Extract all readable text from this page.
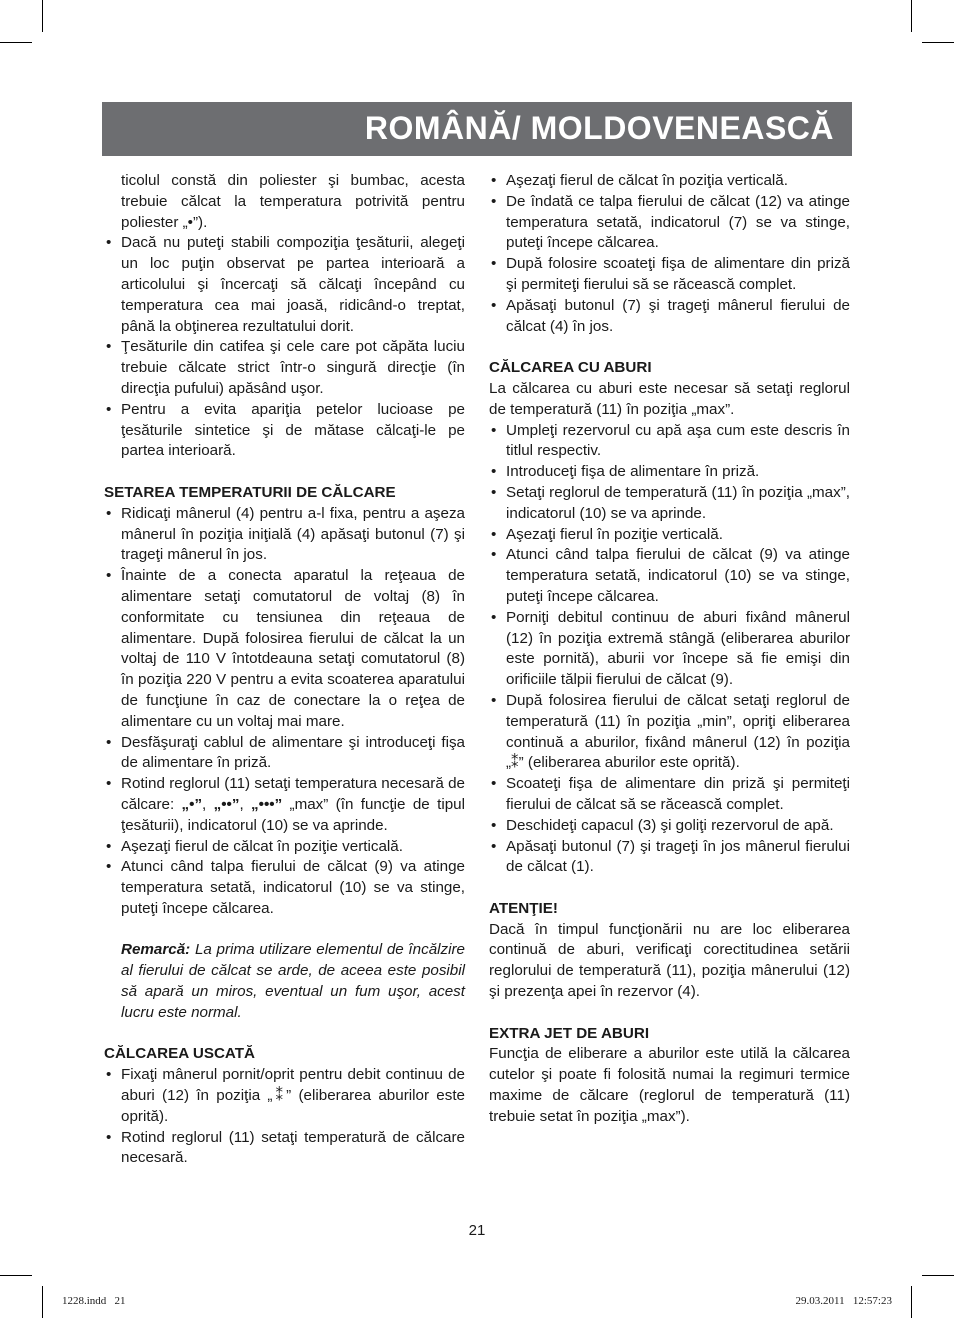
ROMÂNĂ/ MOLDOVENEASCĂ

ticolul constă din poliester şi bumbac, acesta trebuie călcat la temperatura potrivită pentru poliester „•”).

• Dacă nu puteţi stabili compoziţia ţesăturii, alegeţi un loc puţin observat pe partea interioară a articolului şi încercaţi să călcaţi începând cu temperatura cea mai joasă, ridicând-o treptat, până la obţinerea rezultatului dorit.
• Ţesăturile din catifea şi cele care pot căpăta luciu trebuie călcate strict într-o singură direcţie (în direcţia pufului) apăsând uşor.
• Pentru a evita apariţia petelor lucioase pe ţesăturile sintetice şi de mătase călcaţi-le pe partea interioară.

SETAREA TEMPERATURII DE CĂLCARE

• Ridicaţi mânerul (4) pentru a-l fixa, pentru a aşeza mânerul în poziţia iniţială (4) apăsaţi butonul (7) şi trageţi mânerul în jos.
• Înainte de a conecta aparatul la reţeaua de alimentare setaţi comutatorul de voltaj (8) în conformitate cu tensiunea din reţeaua de alimentare. După folosirea fierului de călcat la un voltaj de 110 V întotdeauna setaţi comutatorul (8) în poziţia 220 V pentru a evita scoaterea aparatului de funcţiune în caz de conectare la o reţea de alimentare cu un voltaj mai mare.
• Desfăşuraţi cablul de alimentare şi introduceţi fişa de alimentare în priză.
• Rotind reglorul (11) setaţi temperatura necesară de călcare: „•”, „••”, „•••” „max” (în funcţie de tipul ţesăturii), indicatorul (10) se va aprinde.
• Aşezaţi fierul de călcat în poziţie verticală.
• Atunci când talpa fierului de călcat (9) va atinge temperatura setată, indicatorul (10) se va stinge, puteţi începe călcarea.

Remarcă: La prima utilizare elementul de încălzire al fierului de călcat se arde, de aceea este posibil să apară un miros, eventual un fum uşor, acest lucru este normal.

CĂLCAREA USCATĂ

• Fixaţi mânerul pornit/oprit pentru debit continuu de aburi (12) în poziţia „⁑” (eliberarea aburilor este oprită).
• Rotind reglorul (11) setaţi temperatură de călcare necesară.
• Aşezaţi fierul de călcat în poziţia verticală.
• De îndată ce talpa fierului de călcat (12) va atinge temperatura setată, indicatorul (7) se va stinge, puteţi începe călcarea.
• După folosire scoateţi fişa de alimentare din priză şi permiteţi fierului să se răcească complet.
• Apăsaţi butonul (7) şi trageţi mânerul fierului de călcat (4) în jos.

CĂLCAREA CU ABURI

La călcarea cu aburi este necesar să setaţi reglorul de temperatură (11) în poziţia „max”.

• Umpleţi rezervorul cu apă aşa cum este descris în titlul respectiv.
• Introduceţi fişa de alimentare în priză.
• Setaţi reglorul de temperatură (11) în poziţia „max”, indicatorul (10) se va aprinde.
• Aşezaţi fierul în poziţie verticală.
• Atunci când talpa fierului de călcat (9) va atinge temperatura setată, indicatorul (10) se va stinge, puteţi începe călcarea.
• Porniţi debitul continuu de aburi fixând mânerul (12) în poziţia extremă stângă (eliberarea aburilor este pornită), aburii vor începe să fie emişi din orificiile tălpii fierului de călcat (9).
• După folosirea fierului de călcat setaţi reglorul de temperatură (11) în poziţia „min”, opriţi eliberarea continuă a aburilor, fixând mânerul (12) în poziţia „⁑” (eliberarea aburilor este oprită).
• Scoateţi fişa de alimentare din priză şi permiteţi fierului de călcat să se răcească complet.
• Deschideţi capacul (3) şi goliţi rezervorul de apă.
• Apăsaţi butonul (7) şi trageţi în jos mânerul fierului de călcat (1).

ATENŢIE!

Dacă în timpul funcţionării nu are loc eliberarea continuă de aburi, verificaţi corectitudinea setării reglorului de temperatură (11), poziţia mânerului (12) şi prezenţa apei în rezervor (4).

EXTRA JET DE ABURI

Funcţia de eliberare a aburilor este utilă la călcarea cutelor şi poate fi folosită numai la regimuri termice maxime de călcare (reglorul de temperatură (11) trebuie setat în poziţia „max”).

21
1228.indd   21	29.03.2011   12:57:23
